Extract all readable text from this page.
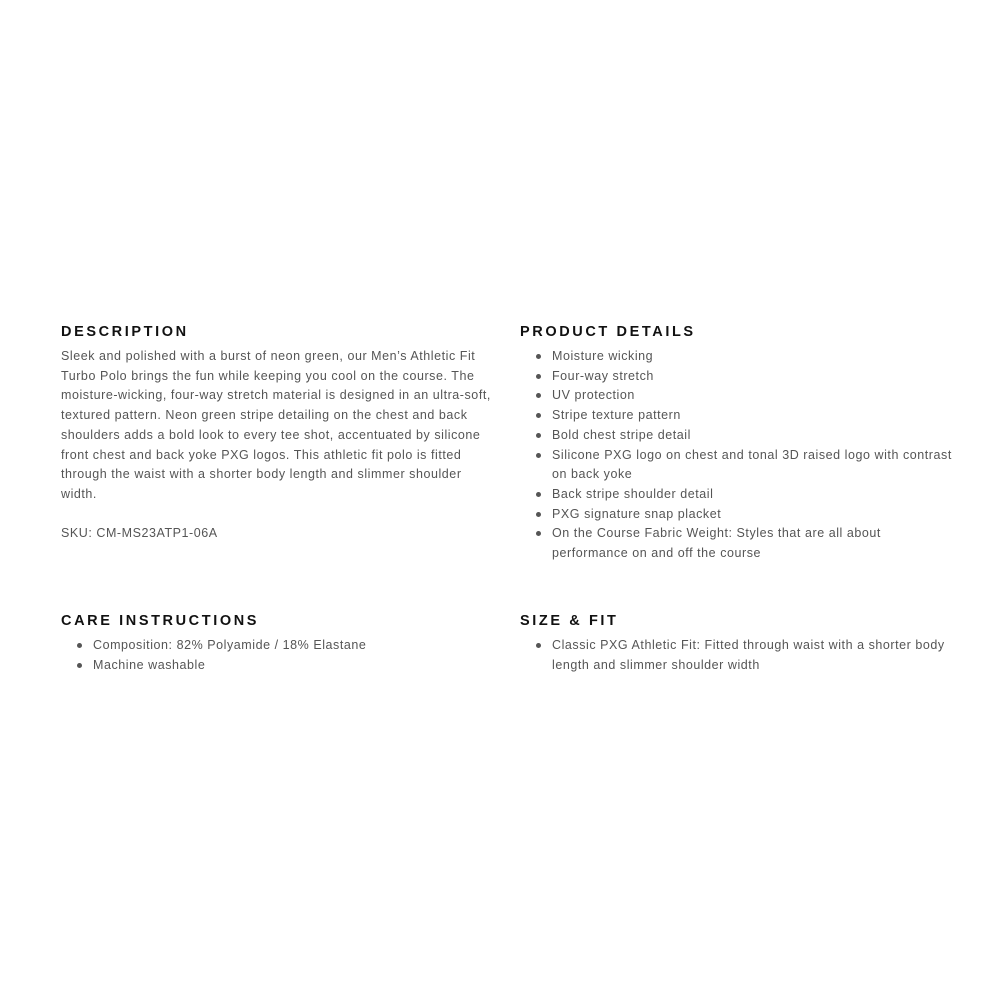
DESCRIPTION

Sleek and polished with a burst of neon green, our Men’s Athletic Fit Turbo Polo brings the fun while keeping you cool on the course. The moisture-wicking, four-way stretch material is designed in an ultra-soft, textured pattern. Neon green stripe detailing on the chest and back shoulders adds a bold look to every tee shot, accentuated by silicone front chest and back yoke PXG logos. This athletic fit polo is fitted through the waist with a shorter body length and slimmer shoulder width.

SKU: CM-MS23ATP1-06A

PRODUCT DETAILS
Moisture wicking
Four-way stretch
UV protection
Stripe texture pattern
Bold chest stripe detail
Silicone PXG logo on chest and tonal 3D raised logo with contrast on back yoke
Back stripe shoulder detail
PXG signature snap placket
On the Course Fabric Weight: Styles that are all about performance on and off the course
CARE INSTRUCTIONS
Composition: 82% Polyamide / 18% Elastane
Machine washable
SIZE & FIT
Classic PXG Athletic Fit: Fitted through waist with a shorter body length and slimmer shoulder width
